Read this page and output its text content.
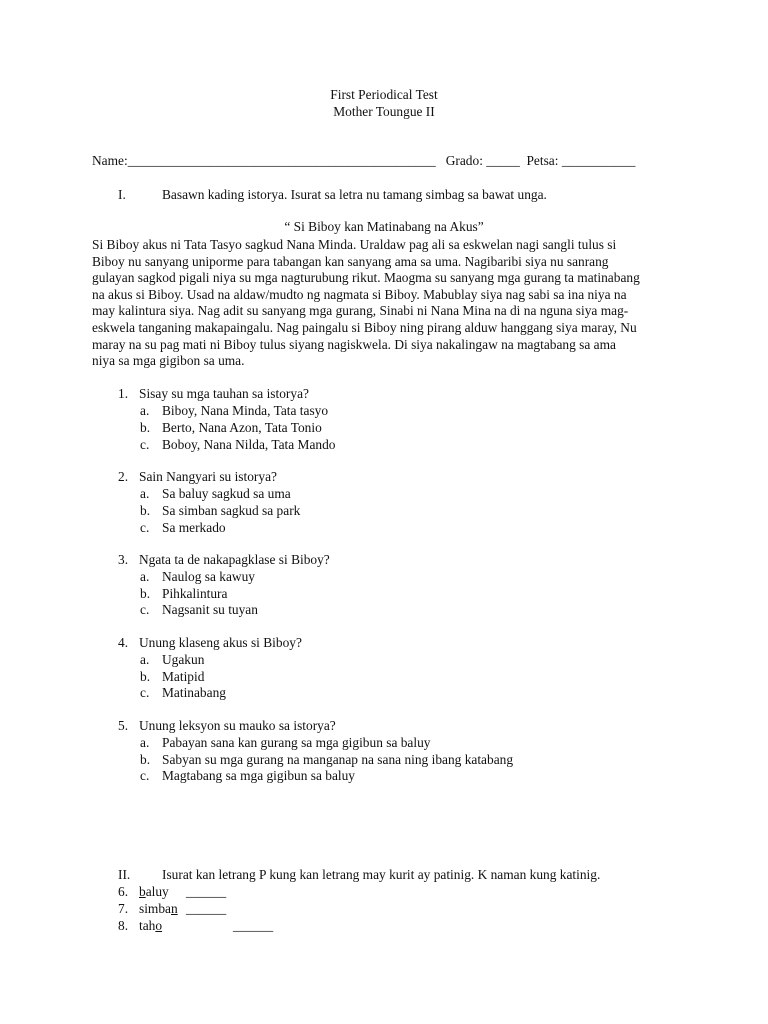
First Periodical Test
Mother Toungue II
Name:______________________________________________ Grado: _____ Petsa: ___________
I.	Basawn kading istorya. Isurat sa letra nu tamang simbag sa bawat unga.
“ Si Biboy kan Matinabang na Akus”
Si Biboy akus ni Tata Tasyo sagkud Nana Minda. Uraldaw pag ali sa eskwelan nagi sangli tulus si
Biboy nu sanyang uniporme para tabangan kan sanyang ama sa uma. Nagibaribi siya nu sanrang
gulayan sagkod pigali niya su mga nagturubung rikut. Maogma su sanyang mga gurang ta matinabang
na akus si Biboy. Usad na aldaw/mudto ng nagmata si Biboy. Mabublay siya nag sabi sa ina niya na
may kalintura siya. Nag adit su sanyang mga gurang, Sinabi ni Nana Mina na di na nguna siya mag-
eskwela tanganing makapaingalu. Nag paingalu si Biboy ning pirang alduw hanggang siya maray, Nu
maray na su pag mati ni Biboy tulus siyang nagiskwela. Di siya nakalingaw na magtabang sa ama
niya sa mga gigibon sa uma.
1. Sisay su mga tauhan sa istorya?
a. Biboy, Nana Minda, Tata tasyo
b. Berto, Nana Azon, Tata Tonio
c. Boboy, Nana Nilda, Tata Mando
2. Sain Nangyari su istorya?
a. Sa baluy sagkud sa uma
b. Sa simban sagkud sa park
c. Sa merkado
3. Ngata ta de nakapagklase si Biboy?
a. Naulog sa kawuy
b. Pihkalintura
c. Nagsanit su tuyan
4. Unung klaseng akus si Biboy?
a. Ugakun
b. Matipid
c. Matinabang
5. Unung leksyon su mauko sa istorya?
a. Pabayan sana kan gurang sa mga gigibun sa baluy
b. Sabyan su mga gurang na manganap na sana ning ibang katabang
c. Magtabang sa mga gigibun sa baluy
II. Isurat kan letrang P kung kan letrang may kurit ay patinig. K naman kung katinig.
6. baluy ______
7. simban ______
8. taho	______
